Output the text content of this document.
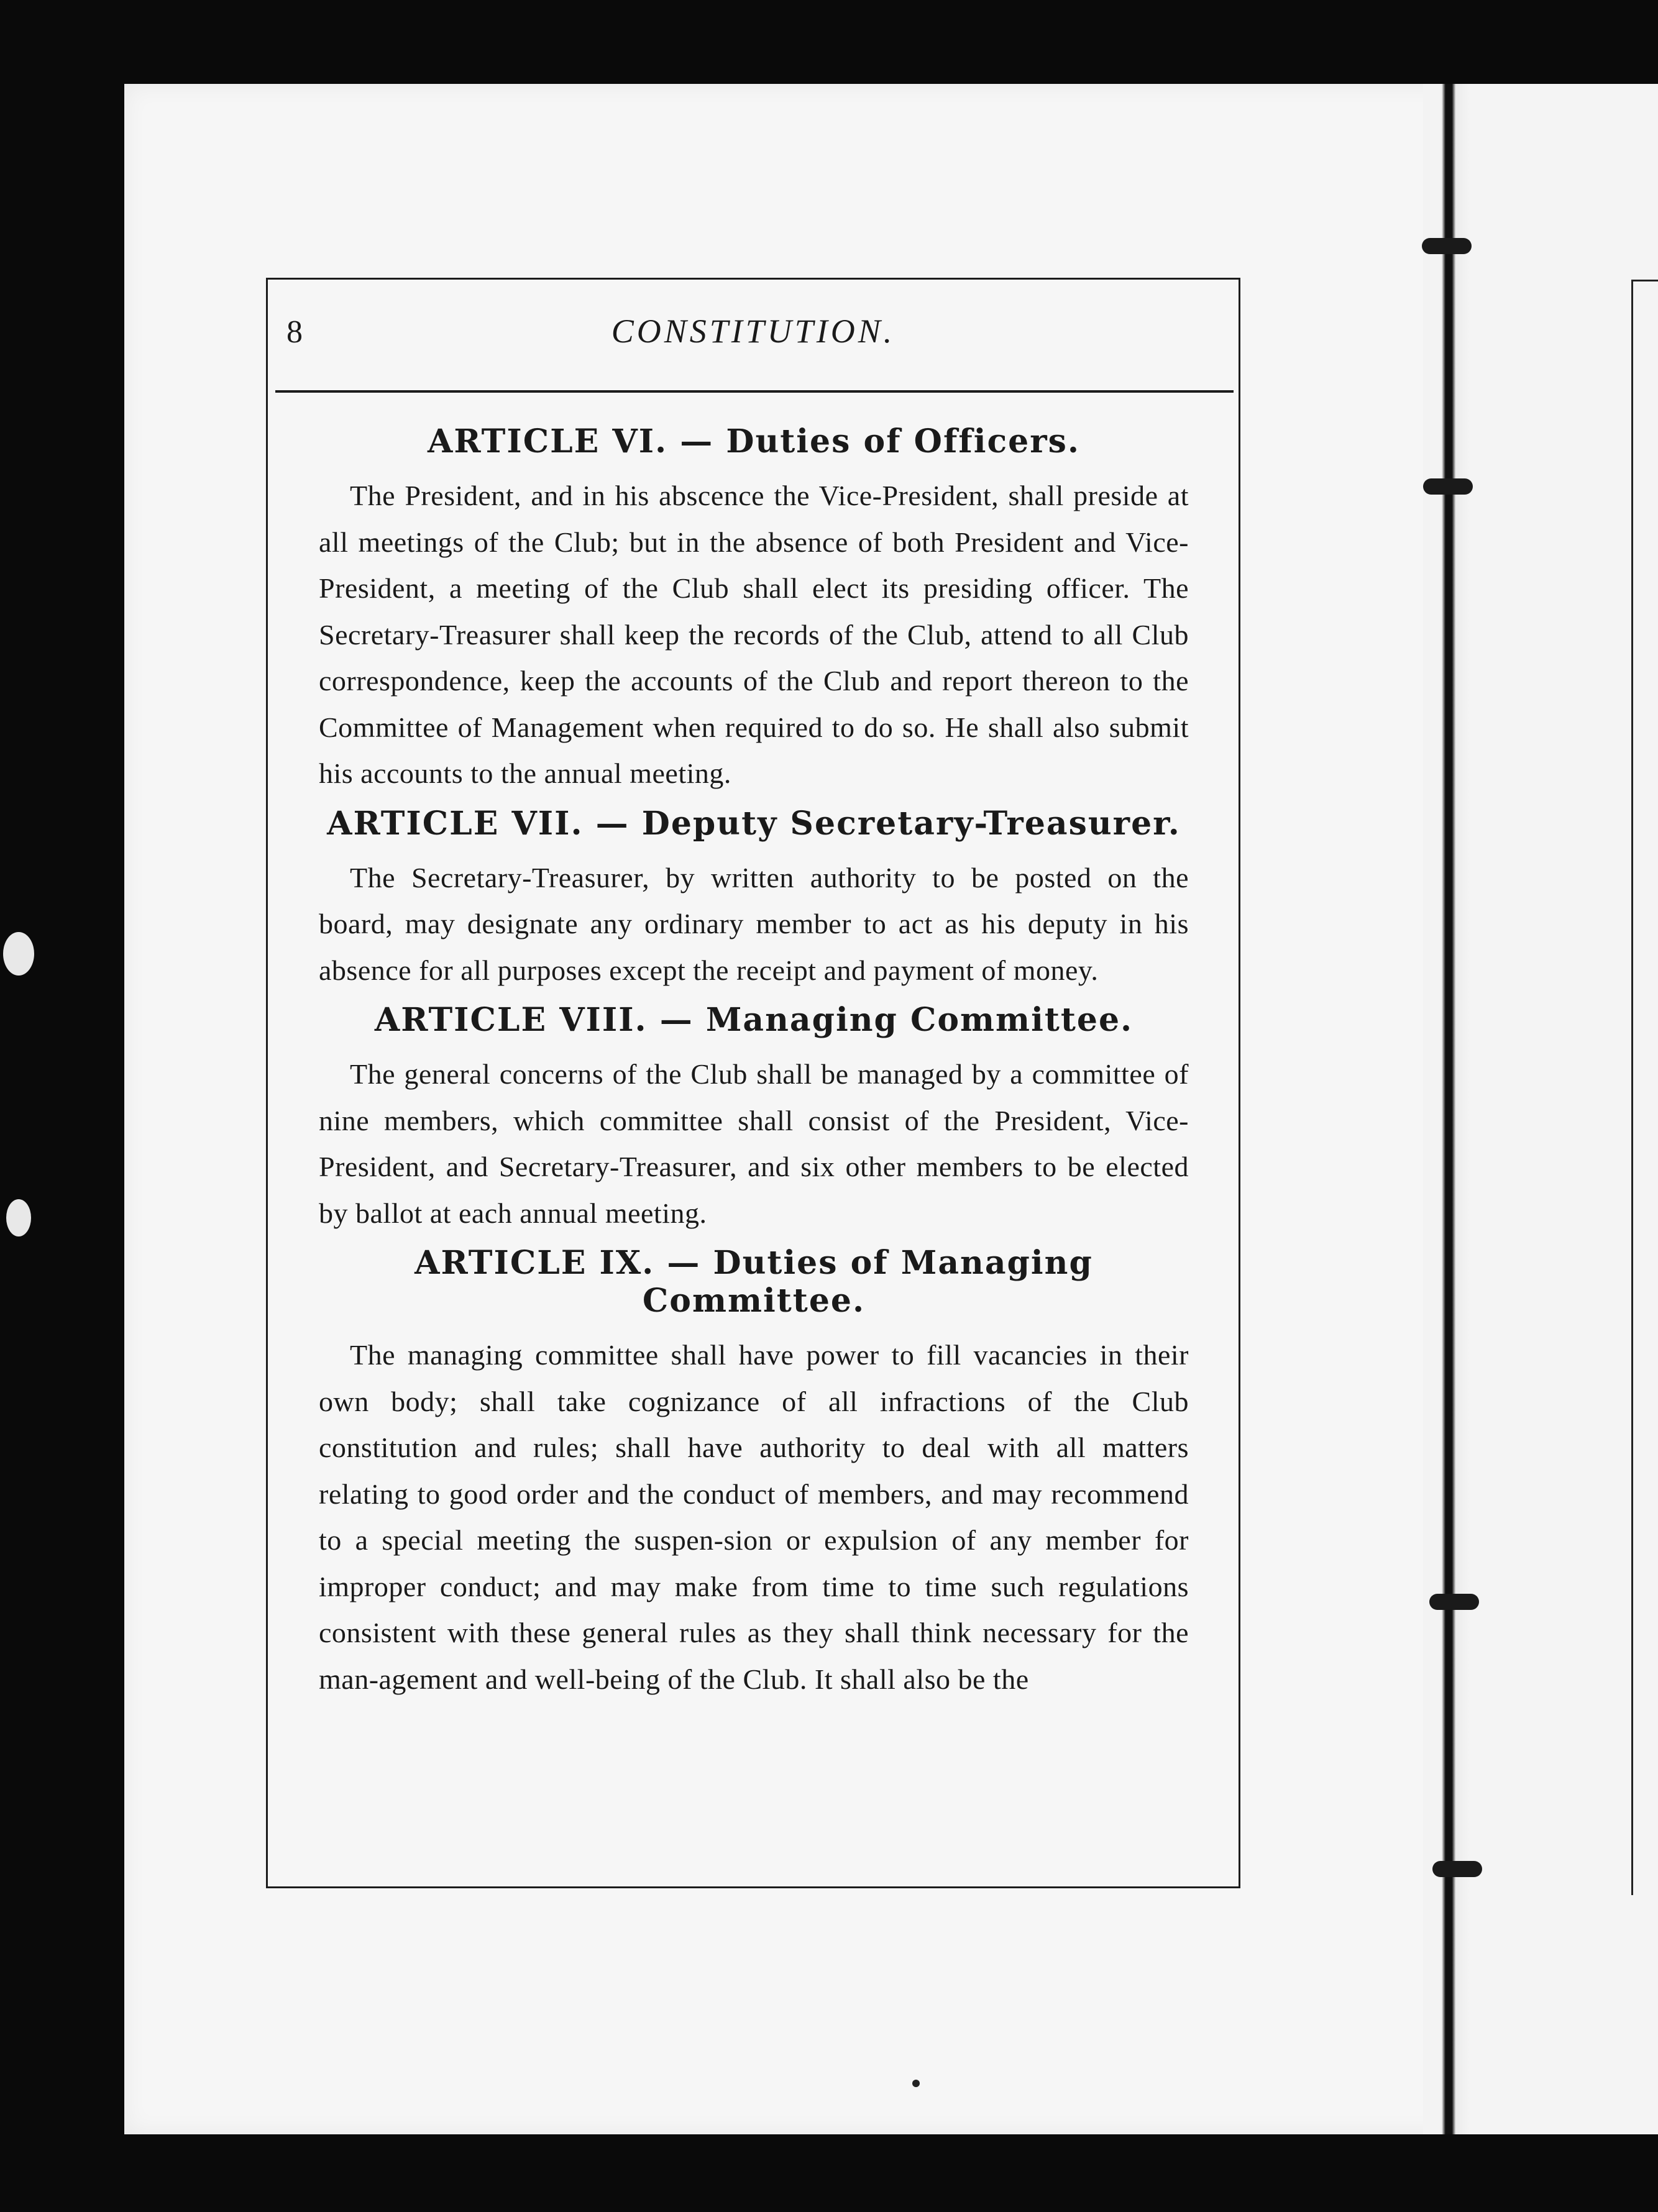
8	CONSTITUTION.
ARTICLE VI. — Duties of Officers.

The President, and in his abscence the Vice-President, shall preside at all meetings of the Club; but in the absence of both President and Vice-President, a meeting of the Club shall elect its presiding officer. The Secretary-Treasurer shall keep the records of the Club, attend to all Club correspondence, keep the accounts of the Club and report thereon to the Committee of Management when required to do so. He shall also submit his accounts to the annual meeting.

ARTICLE VII. — Deputy Secretary-Treasurer.

The Secretary-Treasurer, by written authority to be posted on the board, may designate any ordinary member to act as his deputy in his absence for all purposes except the receipt and payment of money.

ARTICLE VIII. — Managing Committee.

The general concerns of the Club shall be managed by a committee of nine members, which committee shall consist of the President, Vice-President, and Secretary-Treasurer, and six other members to be elected by ballot at each annual meeting.

ARTICLE IX. — Duties of Managing Committee.

The managing committee shall have power to fill vacancies in their own body; shall take cognizance of all infractions of the Club constitution and rules; shall have authority to deal with all matters relating to good order and the conduct of members, and may recommend to a special meeting the suspen-sion or expulsion of any member for improper conduct; and may make from time to time such regulations consistent with these general rules as they shall think necessary for the man-agement and well-being of the Club. It shall also be the
